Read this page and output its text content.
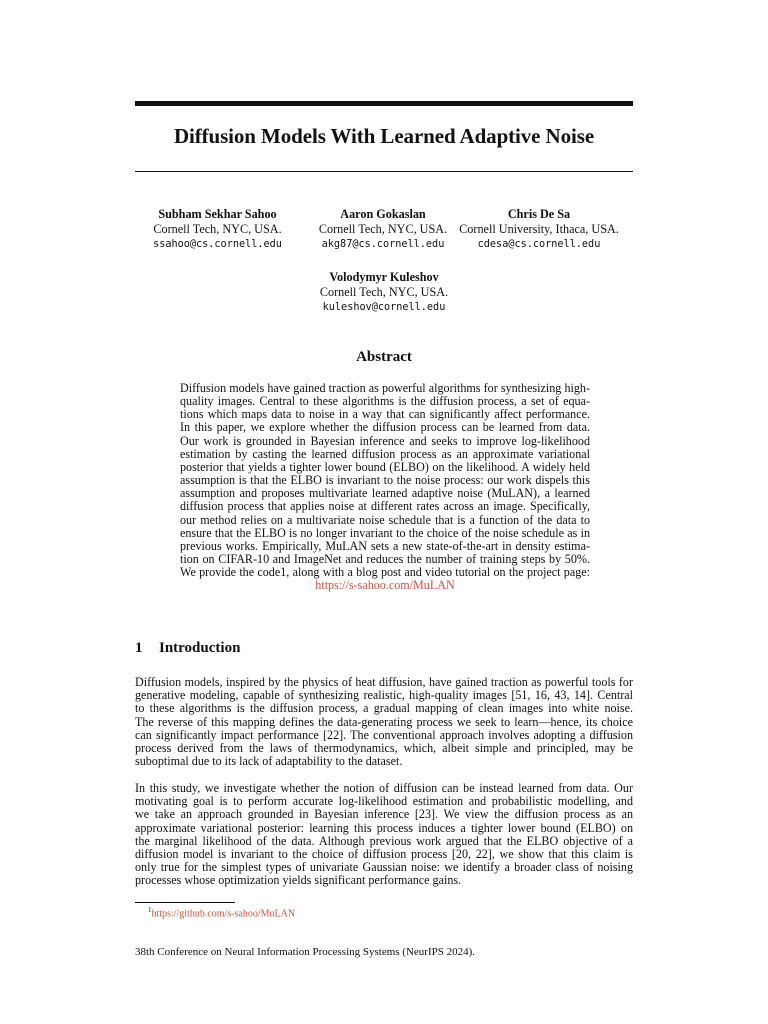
Diffusion Models With Learned Adaptive Noise
Subham Sekhar Sahoo
Cornell Tech, NYC, USA.
ssahoo@cs.cornell.edu
Aaron Gokaslan
Cornell Tech, NYC, USA.
akg87@cs.cornell.edu
Chris De Sa
Cornell University, Ithaca, USA.
cdesa@cs.cornell.edu
Volodymyr Kuleshov
Cornell Tech, NYC, USA.
kuleshov@cornell.edu
Abstract
Diffusion models have gained traction as powerful algorithms for synthesizing high-
quality images. Central to these algorithms is the diffusion process, a set of equa-
tions which maps data to noise in a way that can significantly affect performance.
In this paper, we explore whether the diffusion process can be learned from data.
Our work is grounded in Bayesian inference and seeks to improve log-likelihood
estimation by casting the learned diffusion process as an approximate variational
posterior that yields a tighter lower bound (ELBO) on the likelihood. A widely held
assumption is that the ELBO is invariant to the noise process: our work dispels this
assumption and proposes multivariate learned adaptive noise (MuLAN), a learned
diffusion process that applies noise at different rates across an image. Specifically,
our method relies on a multivariate noise schedule that is a function of the data to
ensure that the ELBO is no longer invariant to the choice of the noise schedule as in
previous works. Empirically, MuLAN sets a new state-of-the-art in density estima-
tion on CIFAR-10 and ImageNet and reduces the number of training steps by 50%.
We provide the code1, along with a blog post and video tutorial on the project page:
https://s-sahoo.com/MuLAN
1 Introduction
Diffusion models, inspired by the physics of heat diffusion, have gained traction as powerful tools for
generative modeling, capable of synthesizing realistic, high-quality images [51, 16, 43, 14]. Central
to these algorithms is the diffusion process, a gradual mapping of clean images into white noise.
The reverse of this mapping defines the data-generating process we seek to learn—hence, its choice
can significantly impact performance [22]. The conventional approach involves adopting a diffusion
process derived from the laws of thermodynamics, which, albeit simple and principled, may be
suboptimal due to its lack of adaptability to the dataset.
In this study, we investigate whether the notion of diffusion can be instead learned from data. Our
motivating goal is to perform accurate log-likelihood estimation and probabilistic modelling, and
we take an approach grounded in Bayesian inference [23]. We view the diffusion process as an
approximate variational posterior: learning this process induces a tighter lower bound (ELBO) on
the marginal likelihood of the data. Although previous work argued that the ELBO objective of a
diffusion model is invariant to the choice of diffusion process [20, 22], we show that this claim is
only true for the simplest types of univariate Gaussian noise: we identify a broader class of noising
processes whose optimization yields significant performance gains.
$^1$https://github.com/s-sahoo/MuLAN
38th Conference on Neural Information Processing Systems (NeurIPS 2024).
